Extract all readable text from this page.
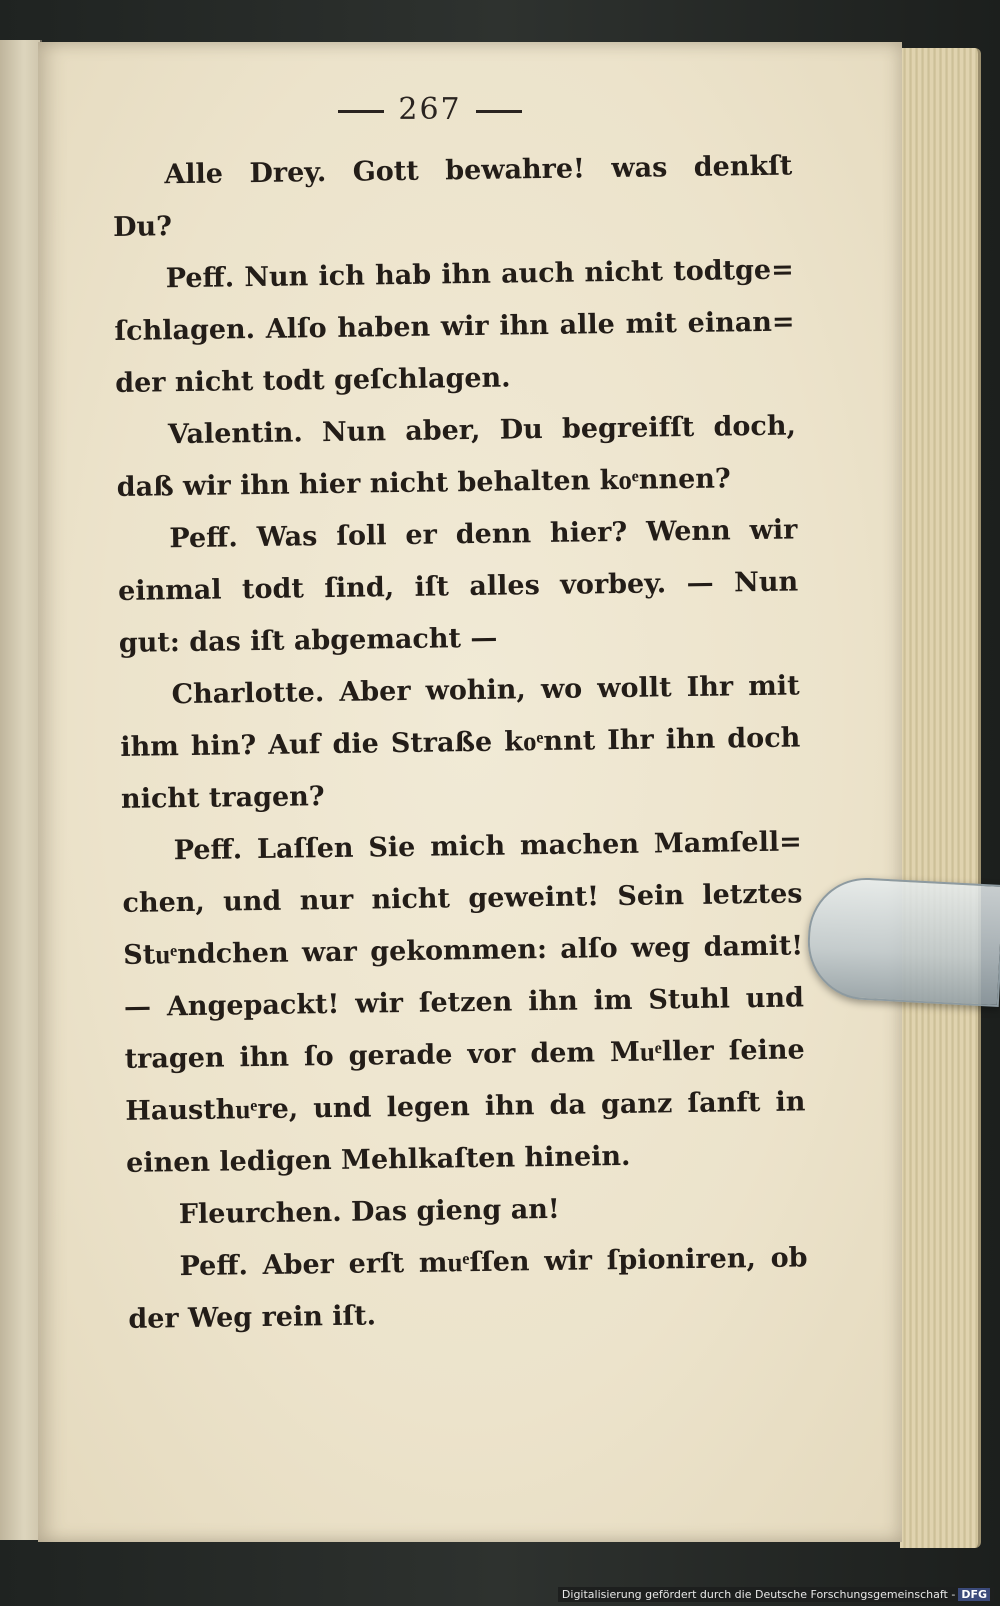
267
Alle Drey. Gott bewahre! was denkſt
Du?
Peff. Nun ich hab ihn auch nicht todtge=
ſchlagen. Alſo haben wir ihn alle mit einan=
der nicht todt geſchlagen.
Valentin. Nun aber, Du begreifſt doch,
daß wir ihn hier nicht behalten koͤnnen?
Peff. Was ſoll er denn hier? Wenn wir
einmal todt ſind, iſt alles vorbey. — Nun
gut: das iſt abgemacht —
Charlotte. Aber wohin, wo wollt Ihr mit
ihm hin? Auf die Straße koͤnnt Ihr ihn doch
nicht tragen?
Peff. Laſſen Sie mich machen Mamſell=
chen, und nur nicht geweint! Sein letztes
Stuͤndchen war gekommen: alſo weg damit!
— Angepackt! wir ſetzen ihn im Stuhl und
tragen ihn ſo gerade vor dem Muͤller ſeine
Hausthuͤre, und legen ihn da ganz ſanft in
einen ledigen Mehlkaſten hinein.
Fleurchen. Das gieng an!
Peff. Aber erſt muͤſſen wir ſpioniren, ob
der Weg rein iſt.
Digitalisierung gefördert durch die Deutsche Forschungsgemeinschaft - DFG
